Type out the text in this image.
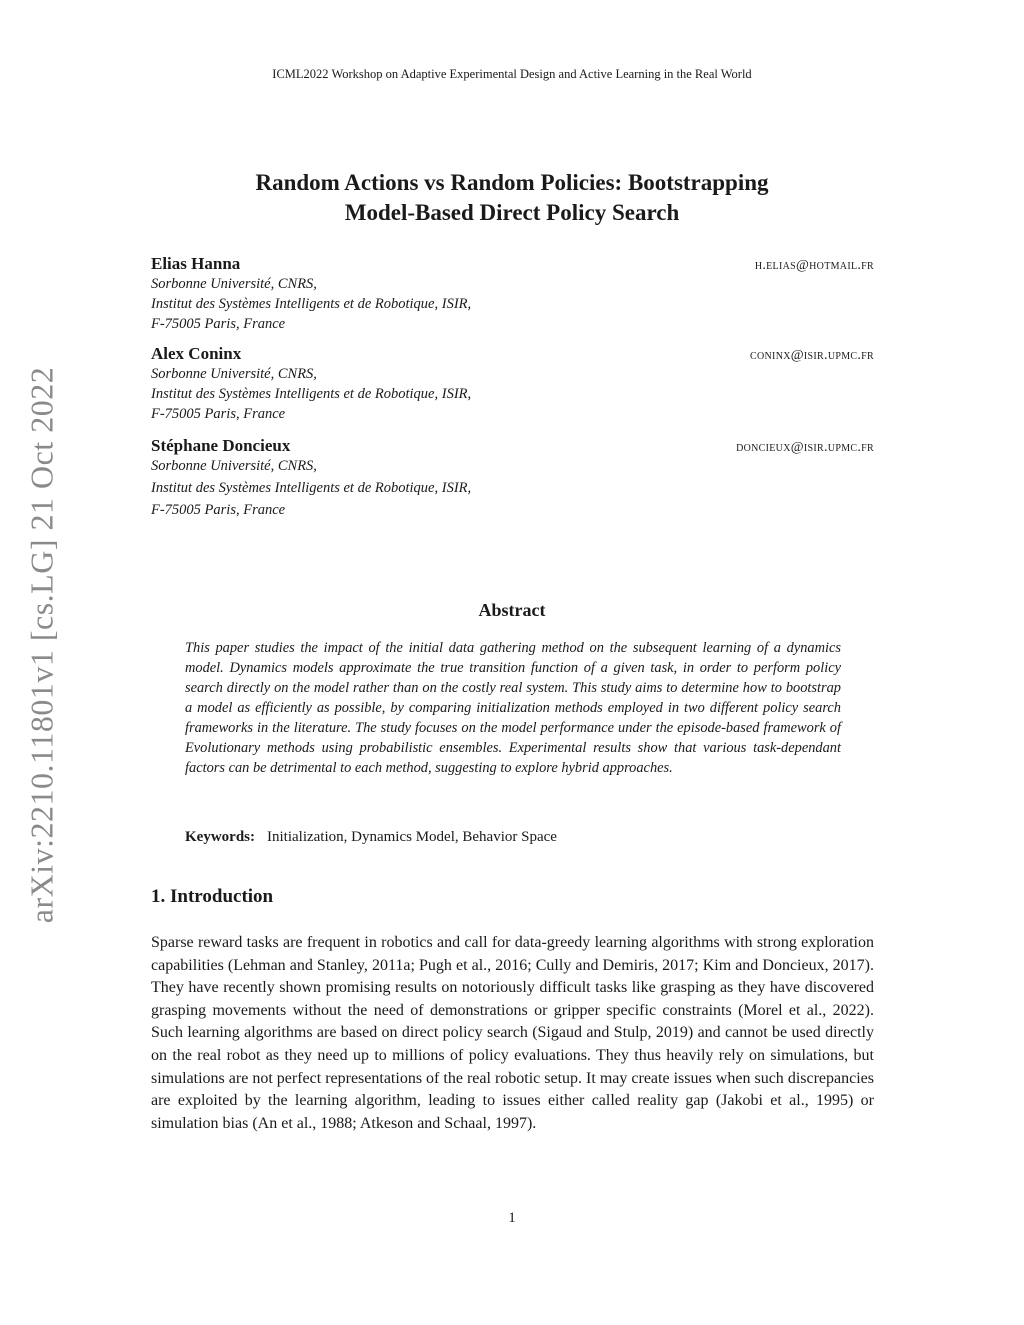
ICML2022 Workshop on Adaptive Experimental Design and Active Learning in the Real World
arXiv:2210.11801v1 [cs.LG] 21 Oct 2022
Random Actions vs Random Policies: Bootstrapping
Model-Based Direct Policy Search
Elias Hanna	h.elias@hotmail.fr
Sorbonne Université, CNRS,
Institut des Systèmes Intelligents et de Robotique, ISIR,
F-75005 Paris, France
Alex Coninx	coninx@isir.upmc.fr
Sorbonne Université, CNRS,
Institut des Systèmes Intelligents et de Robotique, ISIR,
F-75005 Paris, France
Stéphane Doncieux	doncieux@isir.upmc.fr
Sorbonne Université, CNRS,
Institut des Systèmes Intelligents et de Robotique, ISIR,
F-75005 Paris, France
Abstract
This paper studies the impact of the initial data gathering method on the subsequent learning of a dynamics model. Dynamics models approximate the true transition function of a given task, in order to perform policy search directly on the model rather than on the costly real system. This study aims to determine how to bootstrap a model as efficiently as possible, by comparing initialization methods employed in two different policy search frameworks in the literature. The study focuses on the model performance under the episode-based framework of Evolutionary methods using probabilistic ensembles. Experimental results show that various task-dependant factors can be detrimental to each method, suggesting to explore hybrid approaches.
Keywords: Initialization, Dynamics Model, Behavior Space
1. Introduction
Sparse reward tasks are frequent in robotics and call for data-greedy learning algorithms with strong exploration capabilities (Lehman and Stanley, 2011a; Pugh et al., 2016; Cully and Demiris, 2017; Kim and Doncieux, 2017). They have recently shown promising results on notoriously difficult tasks like grasping as they have discovered grasping movements without the need of demonstrations or gripper specific constraints (Morel et al., 2022). Such learning algorithms are based on direct policy search (Sigaud and Stulp, 2019) and cannot be used directly on the real robot as they need up to millions of policy evaluations. They thus heavily rely on simulations, but simulations are not perfect representations of the real robotic setup. It may create issues when such discrepancies are exploited by the learning algorithm, leading to issues either called reality gap (Jakobi et al., 1995) or simulation bias (An et al., 1988; Atkeson and Schaal, 1997).
1
